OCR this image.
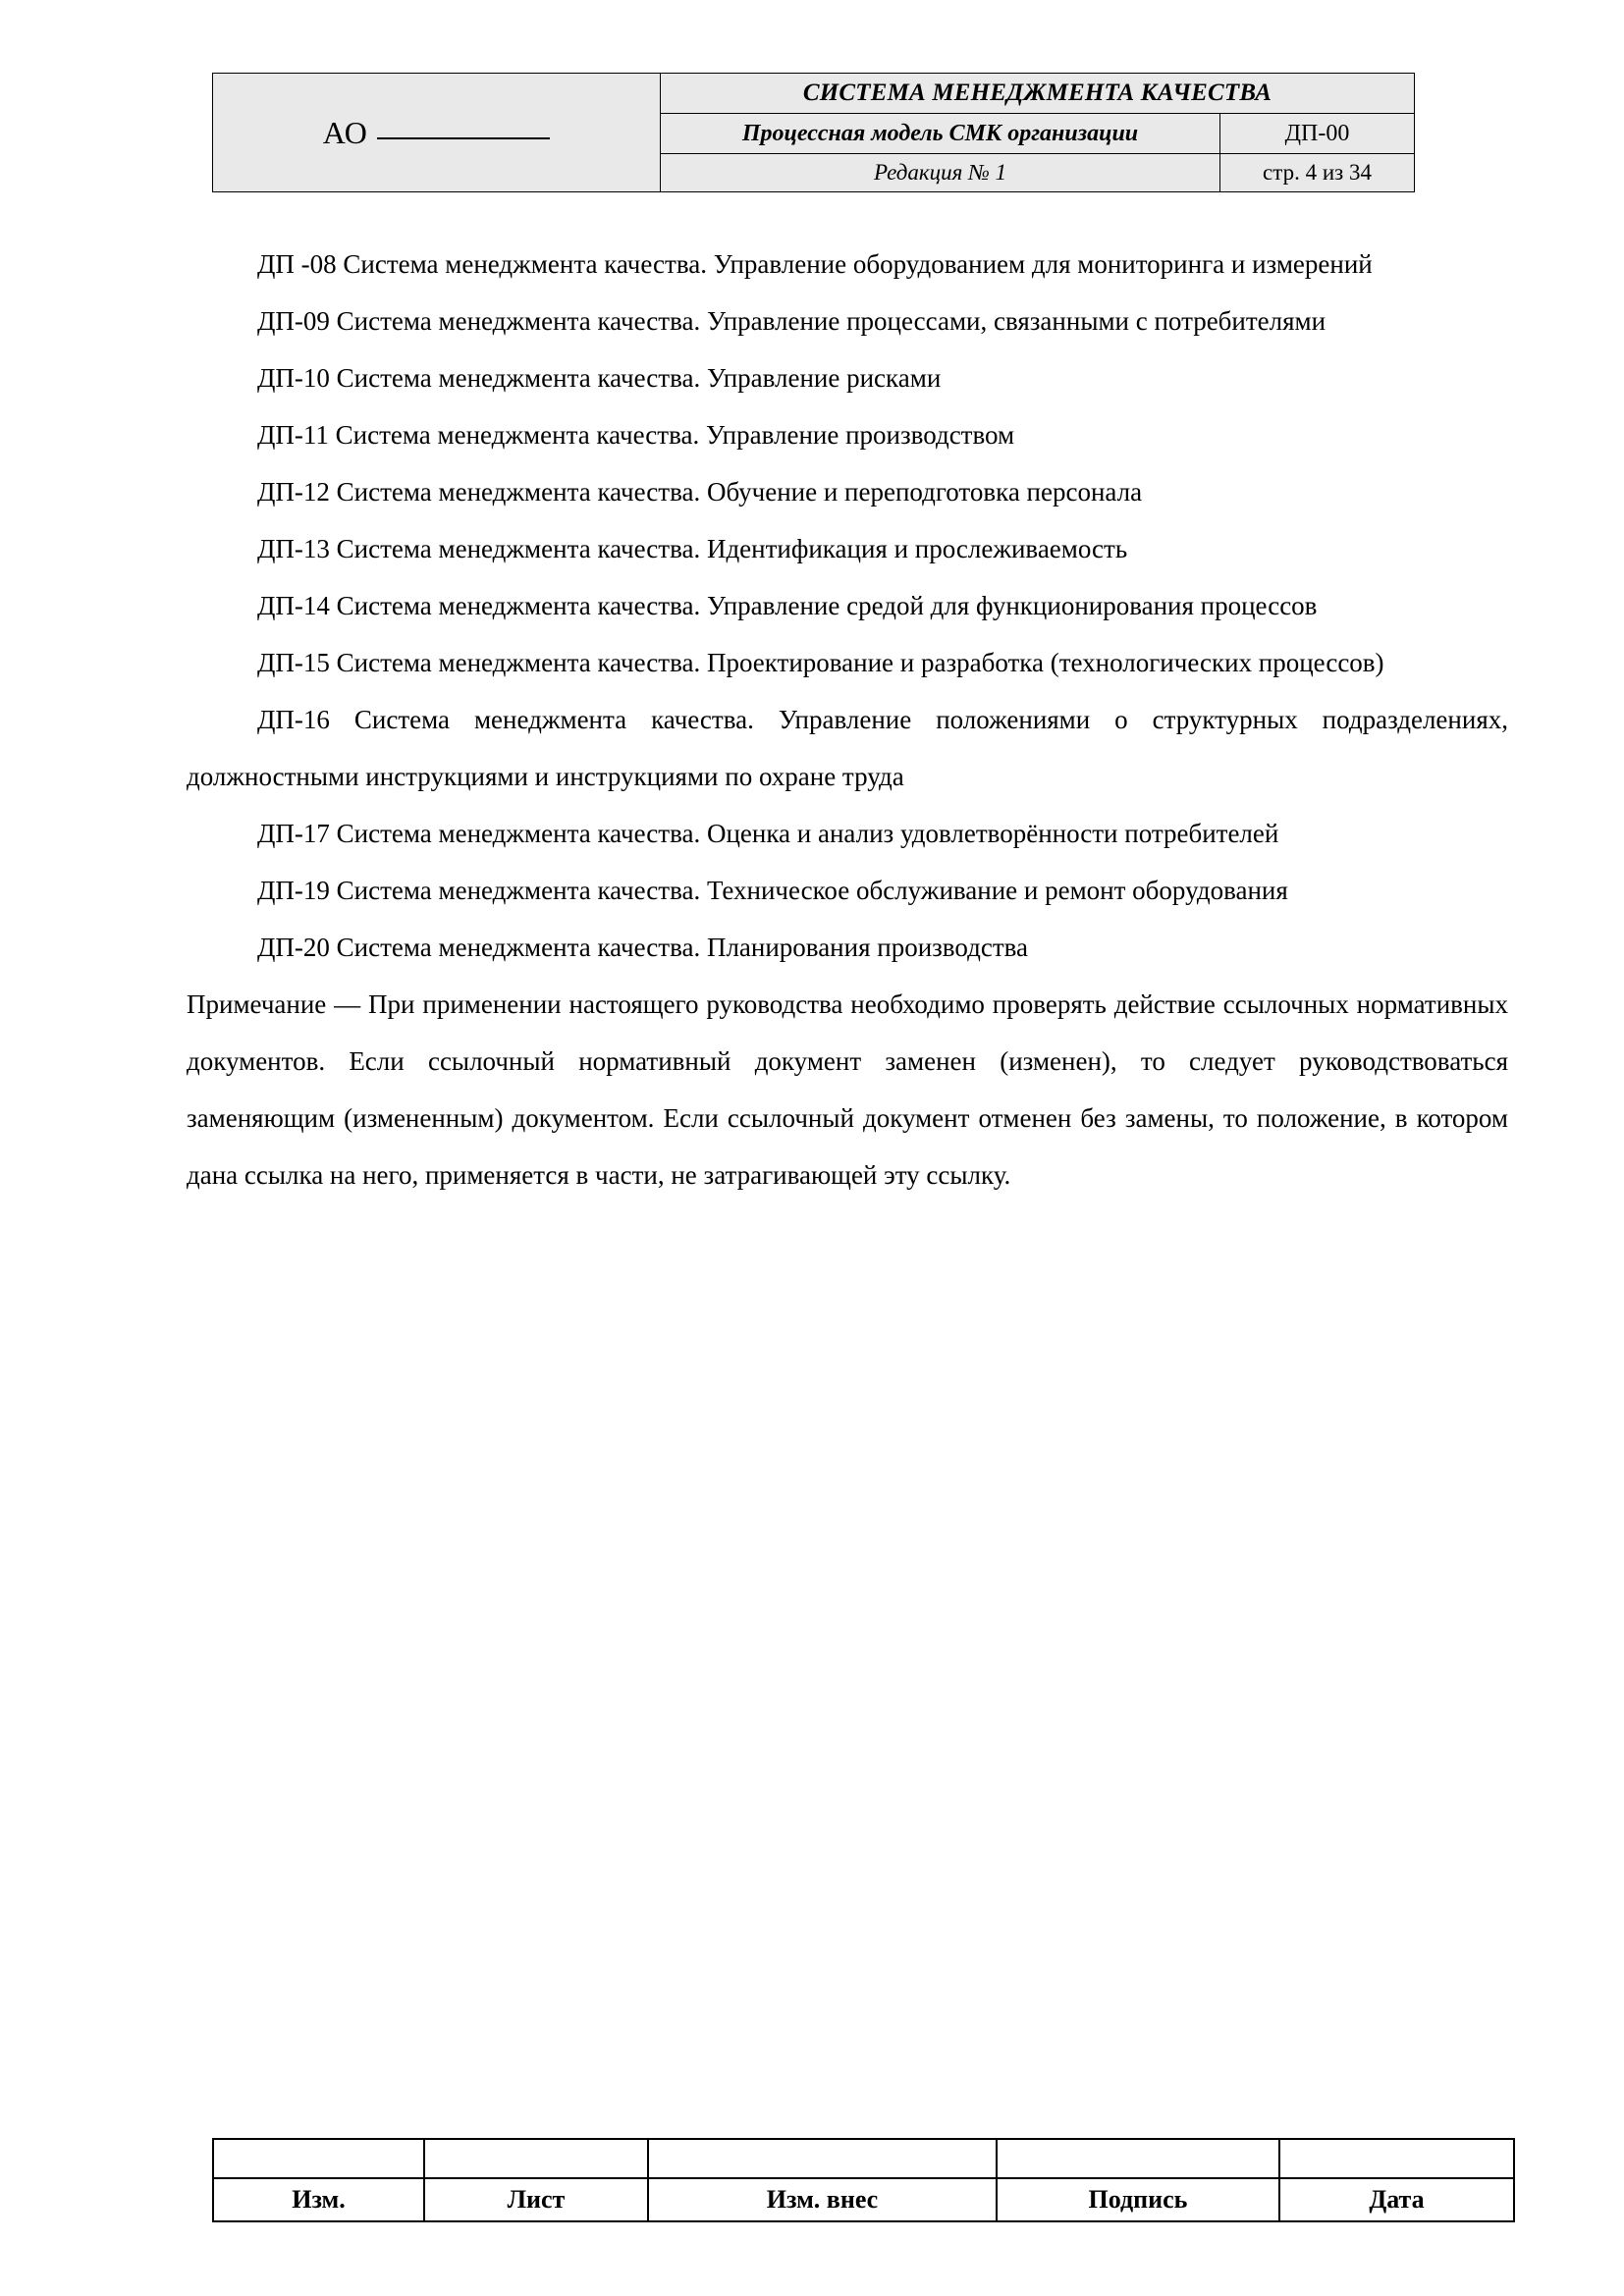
АО	СИСТЕМА МЕНЕДЖМЕНТА КАЧЕСТВА	
	Процессная модель СМК организации	ДП-00
	Редакция № 1	стр. 4 из 34

ДП -08 Система менеджмента качества. Управление оборудованием для мониторинга и измерений

ДП-09 Система менеджмента качества. Управление процессами, связанными с потребителями

ДП-10 Система менеджмента качества. Управление рисками

ДП-11 Система менеджмента качества. Управление производством

ДП-12 Система менеджмента качества. Обучение и переподготовка персонала

ДП-13 Система менеджмента качества. Идентификация и прослеживаемость

ДП-14 Система менеджмента качества. Управление средой для функционирования процессов

ДП-15 Система менеджмента качества. Проектирование и разработка (технологических процессов)

ДП-16 Система менеджмента качества. Управление положениями о структурных подразделениях, должностными инструкциями и инструкциями по охране труда

ДП-17 Система менеджмента качества. Оценка и анализ удовлетворённости потребителей

ДП-19 Система менеджмента качества. Техническое обслуживание и ремонт оборудования

ДП-20 Система менеджмента качества. Планирования производства

Примечание — При применении настоящего руководства необходимо проверять действие ссылочных нормативных документов. Если ссылочный нормативный документ заменен (изменен), то следует руководствоваться заменяющим (измененным) документом. Если ссылочный документ отменен без замены, то положение, в котором дана ссылка на него, применяется в части, не затрагивающей эту ссылку.

Изм.	Лист	Изм. внес	Подпись	Дата
